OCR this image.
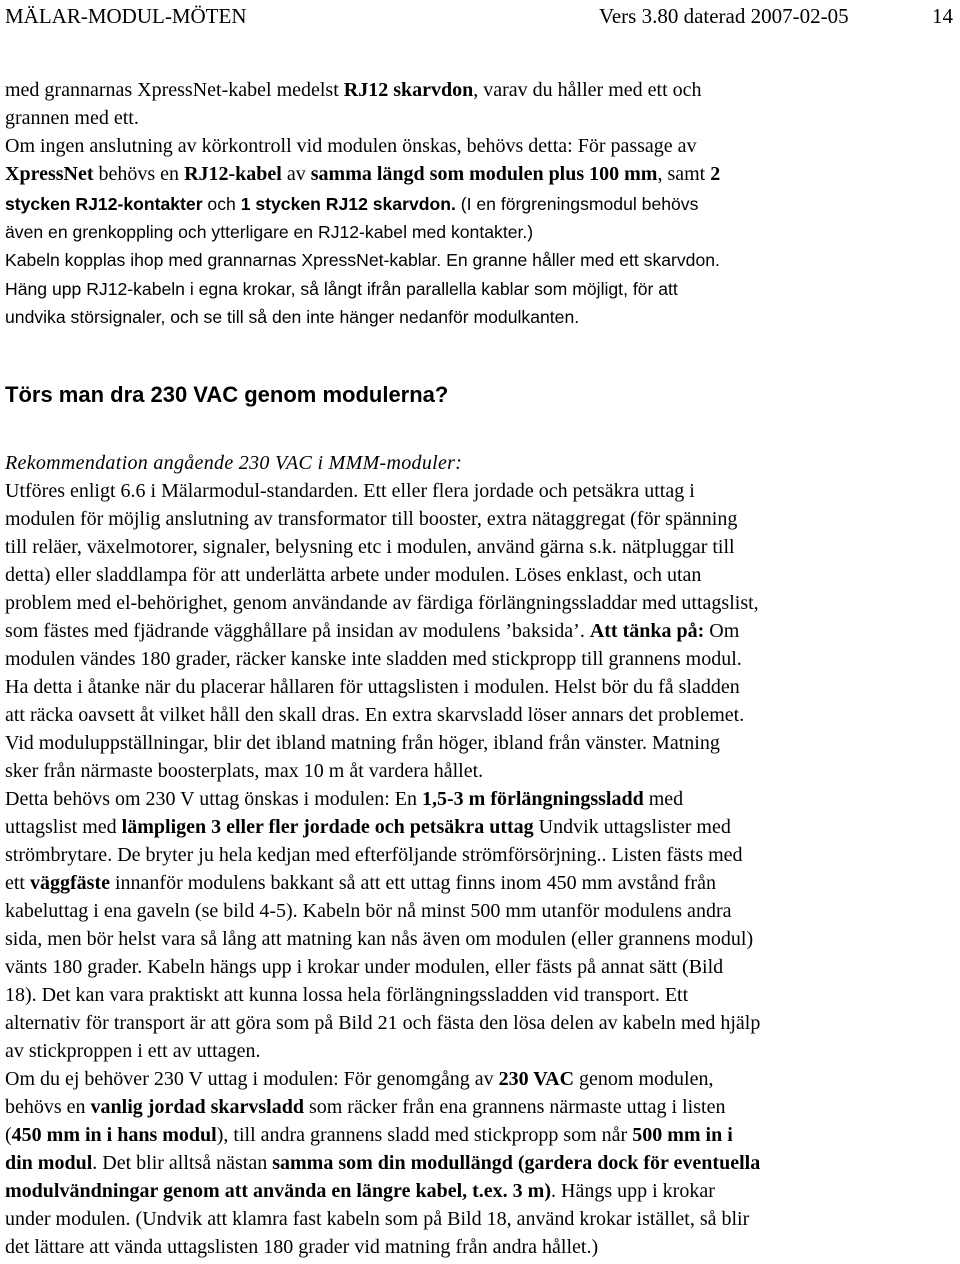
MÄLAR-MODUL-MÖTEN	Vers 3.80 daterad 2007-02-05	14
med grannarnas XpressNet-kabel medelst RJ12 skarvdon, varav du håller med ett och
grannen med ett.
Om ingen anslutning av körkontroll vid modulen önskas, behövs detta: För passage av
XpressNet behövs en RJ12-kabel av samma längd som modulen plus 100 mm, samt 2
stycken RJ12-kontakter och 1 stycken RJ12 skarvdon. (I en förgreningsmodul behövs
även en grenkoppling och ytterligare en RJ12-kabel med kontakter.)
Kabeln kopplas ihop med grannarnas XpressNet-kablar. En granne håller med ett skarvdon.
Häng upp RJ12-kabeln i egna krokar, så långt ifrån parallella kablar som möjligt, för att
undvika störsignaler, och se till så den inte hänger nedanför modulkanten.
Törs man dra 230 VAC genom modulerna?
Rekommendation angående 230 VAC i MMM-moduler:
Utföres enligt 6.6 i Mälarmodul-standarden. Ett eller flera jordade och petsäkra uttag i
modulen för möjlig anslutning av transformator till booster, extra nätaggregat (för spänning
till reläer, växelmotorer, signaler, belysning etc i modulen, använd gärna s.k. nätpluggar till
detta) eller sladdlampa för att underlätta arbete under modulen. Löses enklast, och utan
problem med el-behörighet, genom användande av färdiga förlängningssladdar med uttagslist,
som fästes med fjädrande vägghållare på insidan av modulens ’baksida’. Att tänka på: Om
modulen vändes 180 grader, räcker kanske inte sladden med stickpropp till grannens modul.
Ha detta i åtanke när du placerar hållaren för uttagslisten i modulen. Helst bör du få sladden
att räcka oavsett åt vilket håll den skall dras. En extra skarvsladd löser annars det problemet.
Vid moduluppställningar, blir det ibland matning från höger, ibland från vänster. Matning
sker från närmaste boosterplats, max 10 m åt vardera hållet.
Detta behövs om 230 V uttag önskas i modulen: En 1,5-3 m förlängningssladd med
uttagslist med lämpligen 3 eller fler jordade och petsäkra uttag Undvik uttagslister med
strömbrytare. De bryter ju hela kedjan med efterföljande strömförsörjning.. Listen fästs med
ett väggfäste innanför modulens bakkant så att ett uttag finns inom 450 mm avstånd från
kabeluttag i ena gaveln (se bild 4-5). Kabeln bör nå minst 500 mm utanför modulens andra
sida, men bör helst vara så lång att matning kan nås även om modulen (eller grannens modul)
vänts 180 grader. Kabeln hängs upp i krokar under modulen, eller fästs på annat sätt (Bild
18). Det kan vara praktiskt att kunna lossa hela förlängningssladden vid transport. Ett
alternativ för transport är att göra som på Bild 21 och fästa den lösa delen av kabeln med hjälp
av stickproppen i ett av uttagen.
Om du ej behöver 230 V uttag i modulen: För genomgång av 230 VAC genom modulen,
behövs en vanlig jordad skarvsladd som räcker från ena grannens närmaste uttag i listen
(450 mm in i hans modul), till andra grannens sladd med stickpropp som når 500 mm in i
din modul. Det blir alltså nästan samma som din modullängd (gardera dock för eventuella
modulvändningar genom att använda en längre kabel, t.ex. 3 m). Hängs upp i krokar
under modulen. (Undvik att klamra fast kabeln som på Bild 18, använd krokar istället, så blir
det lättare att vända uttagslisten 180 grader vid matning från andra hållet.)
